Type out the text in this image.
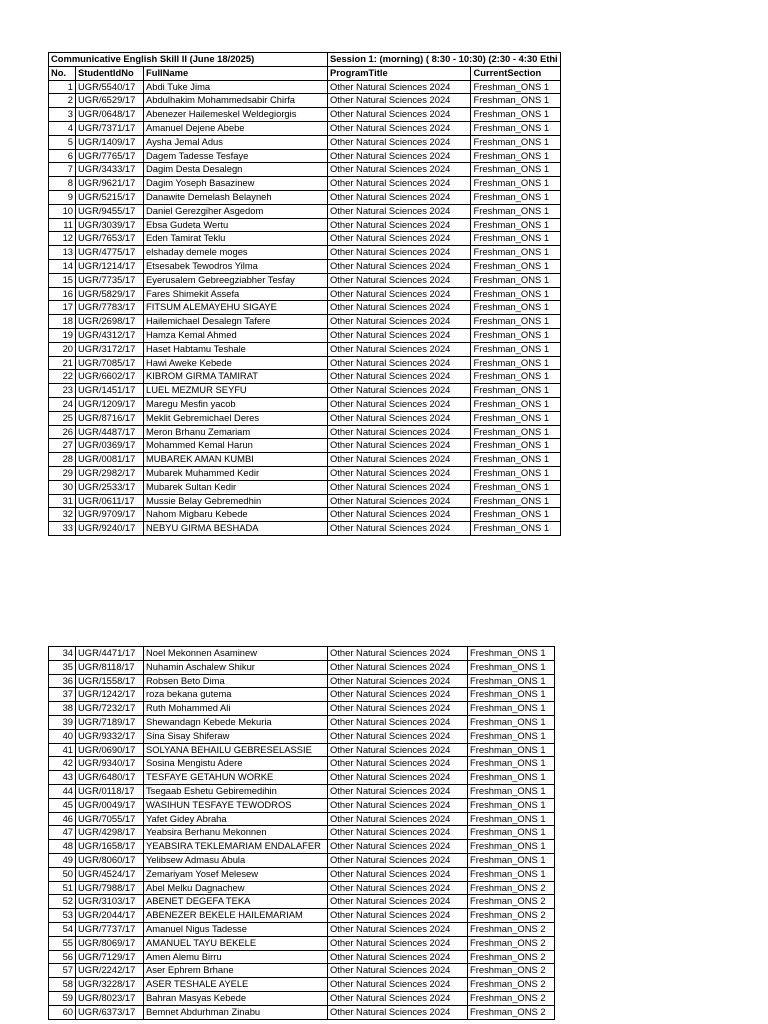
Communicative English Skill II (June 18/2025)			Session 1: (morning) ( 8:30 - 10:30) (2:30 - 4:30 Ethi	
No.	StudentIdNo	FullName	ProgramTitle	CurrentSection
1	UGR/5540/17	Abdi Tuke Jima	Other Natural Sciences 2024	Freshman_ONS 1
2	UGR/6529/17	Abdulhakim Mohammedsabir Chirfa	Other Natural Sciences 2024	Freshman_ONS 1
3	UGR/0648/17	Abenezer Hailemeskel Weldegiorgis	Other Natural Sciences 2024	Freshman_ONS 1
4	UGR/7371/17	Amanuel Dejene Abebe	Other Natural Sciences 2024	Freshman_ONS 1
5	UGR/1409/17	Aysha Jemal Adus	Other Natural Sciences 2024	Freshman_ONS 1
6	UGR/7765/17	Dagem Tadesse Tesfaye	Other Natural Sciences 2024	Freshman_ONS 1
7	UGR/3433/17	Dagim Desta Desalegn	Other Natural Sciences 2024	Freshman_ONS 1
8	UGR/9621/17	Dagim Yoseph Basazinew	Other Natural Sciences 2024	Freshman_ONS 1
9	UGR/5215/17	Danawite Demelash Belayneh	Other Natural Sciences 2024	Freshman_ONS 1
10	UGR/9455/17	Daniel Gerezgiher Asgedom	Other Natural Sciences 2024	Freshman_ONS 1
11	UGR/3039/17	Ebsa Gudeta Wertu	Other Natural Sciences 2024	Freshman_ONS 1
12	UGR/7653/17	Eden Tamirat Teklu	Other Natural Sciences 2024	Freshman_ONS 1
13	UGR/4775/17	elshaday demele moges	Other Natural Sciences 2024	Freshman_ONS 1
14	UGR/1214/17	Etsesabek Tewodros Yilma	Other Natural Sciences 2024	Freshman_ONS 1
15	UGR/7735/17	Eyerusalem Gebreegziabher Tesfay	Other Natural Sciences 2024	Freshman_ONS 1
16	UGR/5829/17	Fares Shimekit Assefa	Other Natural Sciences 2024	Freshman_ONS 1
17	UGR/7783/17	FITSUM ALEMAYEHU SIGAYE	Other Natural Sciences 2024	Freshman_ONS 1
18	UGR/2698/17	Hailemichael Desalegn Tafere	Other Natural Sciences 2024	Freshman_ONS 1
19	UGR/4312/17	Hamza Kemal Ahmed	Other Natural Sciences 2024	Freshman_ONS 1
20	UGR/3172/17	Haset Habtamu Teshale	Other Natural Sciences 2024	Freshman_ONS 1
21	UGR/7085/17	Hawi Aweke Kebede	Other Natural Sciences 2024	Freshman_ONS 1
22	UGR/6602/17	KIBROM GIRMA TAMIRAT	Other Natural Sciences 2024	Freshman_ONS 1
23	UGR/1451/17	LUEL MEZMUR SEYFU	Other Natural Sciences 2024	Freshman_ONS 1
24	UGR/1209/17	Maregu Mesfin yacob	Other Natural Sciences 2024	Freshman_ONS 1
25	UGR/8716/17	Meklit Gebremichael Deres	Other Natural Sciences 2024	Freshman_ONS 1
26	UGR/4487/17	Meron Brhanu Zemariam	Other Natural Sciences 2024	Freshman_ONS 1
27	UGR/0369/17	Mohammed Kemal Harun	Other Natural Sciences 2024	Freshman_ONS 1
28	UGR/0081/17	MUBAREK AMAN KUMBI	Other Natural Sciences 2024	Freshman_ONS 1
29	UGR/2982/17	Mubarek Muhammed Kedir	Other Natural Sciences 2024	Freshman_ONS 1
30	UGR/2533/17	Mubarek Sultan Kedir	Other Natural Sciences 2024	Freshman_ONS 1
31	UGR/0611/17	Mussie Belay Gebremedhin	Other Natural Sciences 2024	Freshman_ONS 1
32	UGR/9709/17	Nahom Migbaru Kebede	Other Natural Sciences 2024	Freshman_ONS 1
33	UGR/9240/17	NEBYU GIRMA BESHADA	Other Natural Sciences 2024	Freshman_ONS 1
34	UGR/4471/17	Noel Mekonnen Asaminew	Other Natural Sciences 2024	Freshman_ONS 1
35	UGR/8118/17	Nuhamin Aschalew Shikur	Other Natural Sciences 2024	Freshman_ONS 1
36	UGR/1558/17	Robsen Beto Dima	Other Natural Sciences 2024	Freshman_ONS 1
37	UGR/1242/17	roza bekana gutema	Other Natural Sciences 2024	Freshman_ONS 1
38	UGR/7232/17	Ruth Mohammed Ali	Other Natural Sciences 2024	Freshman_ONS 1
39	UGR/7189/17	Shewandagn Kebede Mekuria	Other Natural Sciences 2024	Freshman_ONS 1
40	UGR/9332/17	Sina Sisay Shiferaw	Other Natural Sciences 2024	Freshman_ONS 1
41	UGR/0690/17	SOLYANA BEHAILU GEBRESELASSIE	Other Natural Sciences 2024	Freshman_ONS 1
42	UGR/9340/17	Sosina Mengistu Adere	Other Natural Sciences 2024	Freshman_ONS 1
43	UGR/6480/17	TESFAYE GETAHUN WORKE	Other Natural Sciences 2024	Freshman_ONS 1
44	UGR/0118/17	Tsegaab Eshetu Gebiremedihin	Other Natural Sciences 2024	Freshman_ONS 1
45	UGR/0049/17	WASIHUN TESFAYE TEWODROS	Other Natural Sciences 2024	Freshman_ONS 1
46	UGR/7055/17	Yafet Gidey Abraha	Other Natural Sciences 2024	Freshman_ONS 1
47	UGR/4298/17	Yeabsira Berhanu Mekonnen	Other Natural Sciences 2024	Freshman_ONS 1
48	UGR/1658/17	YEABSIRA TEKLEMARIAM ENDALAFER	Other Natural Sciences 2024	Freshman_ONS 1
49	UGR/8060/17	Yelibsew Admasu Abula	Other Natural Sciences 2024	Freshman_ONS 1
50	UGR/4524/17	Zemariyam Yosef Melesew	Other Natural Sciences 2024	Freshman_ONS 1
51	UGR/7988/17	Abel Melku Dagnachew	Other Natural Sciences 2024	Freshman_ONS 2
52	UGR/3103/17	ABENET DEGEFA TEKA	Other Natural Sciences 2024	Freshman_ONS 2
53	UGR/2044/17	ABENEZER BEKELE HAILEMARIAM	Other Natural Sciences 2024	Freshman_ONS 2
54	UGR/7737/17	Amanuel Nigus Tadesse	Other Natural Sciences 2024	Freshman_ONS 2
55	UGR/8069/17	AMANUEL TAYU BEKELE	Other Natural Sciences 2024	Freshman_ONS 2
56	UGR/7129/17	Amen Alemu Birru	Other Natural Sciences 2024	Freshman_ONS 2
57	UGR/2242/17	Aser Ephrem Brhane	Other Natural Sciences 2024	Freshman_ONS 2
58	UGR/3228/17	ASER TESHALE AYELE	Other Natural Sciences 2024	Freshman_ONS 2
59	UGR/8023/17	Bahran Masyas Kebede	Other Natural Sciences 2024	Freshman_ONS 2
60	UGR/6373/17	Bemnet Abdurhman Zinabu	Other Natural Sciences 2024	Freshman_ONS 2
